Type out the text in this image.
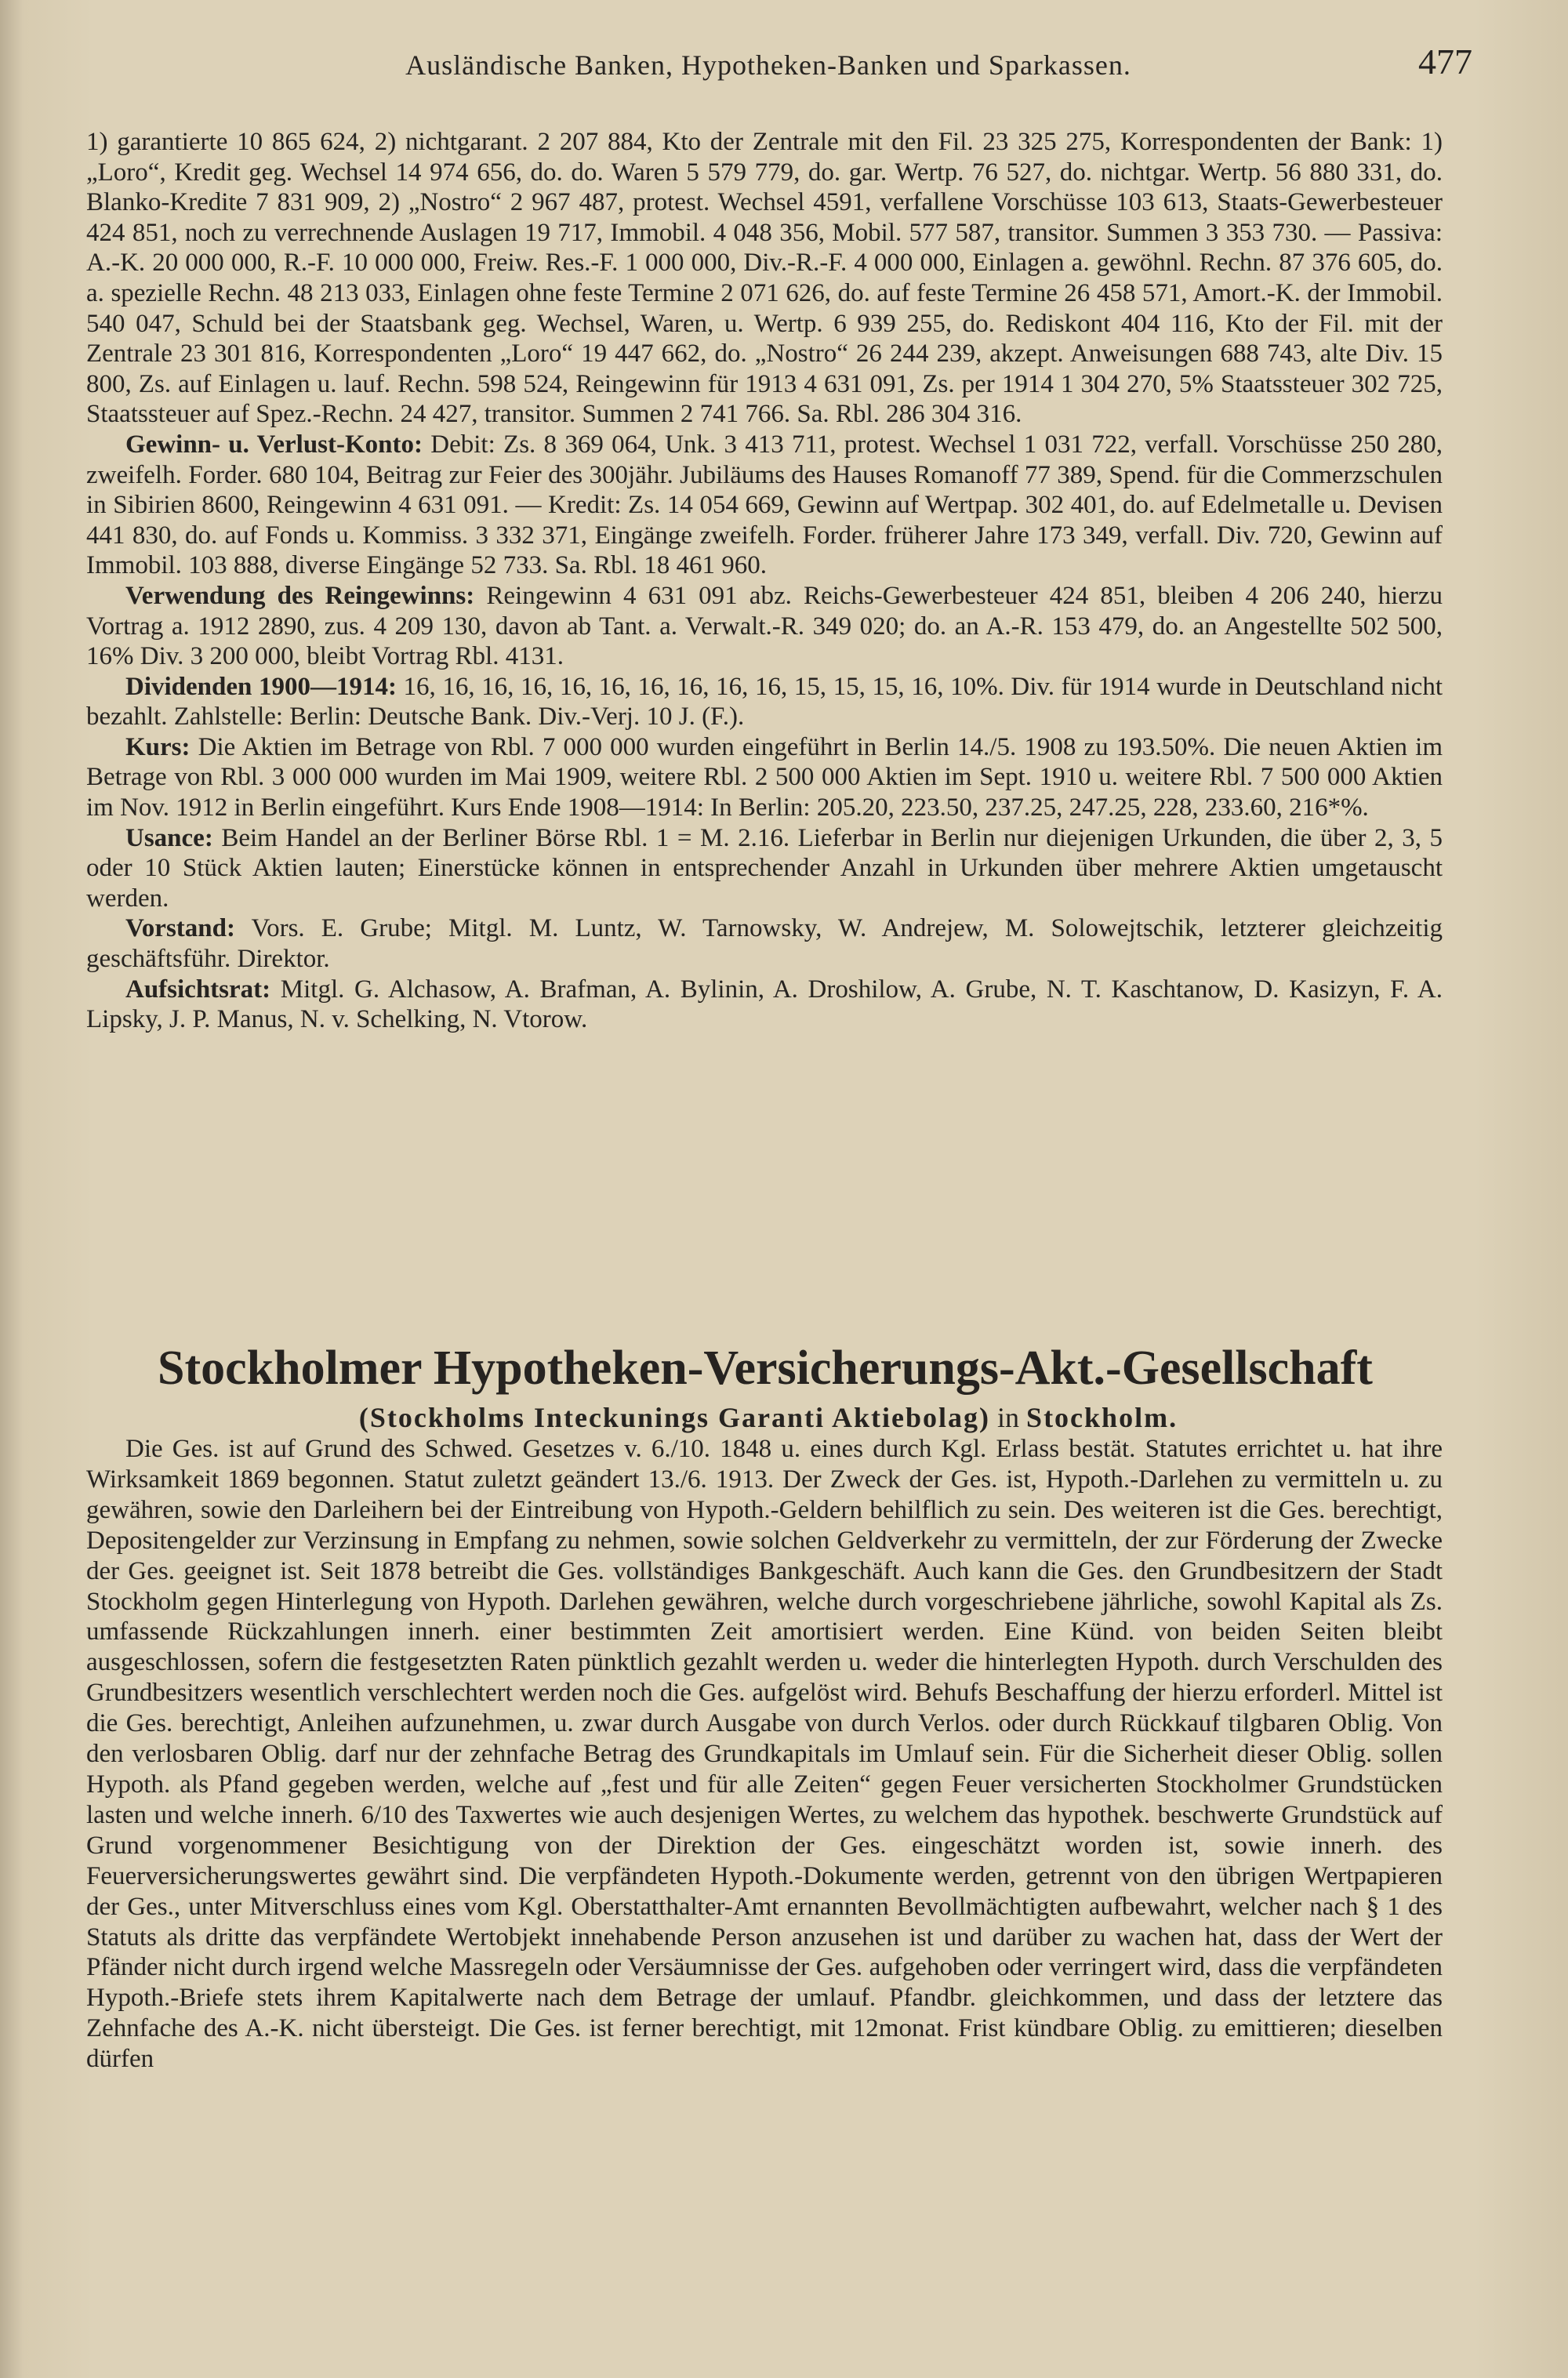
Ausländische Banken, Hypotheken-Banken und Sparkassen.	477

1) garantierte 10 865 624, 2) nichtgarant. 2 207 884, Kto der Zentrale mit den Fil. 23 325 275, Korrespondenten der Bank: 1) „Loro“, Kredit geg. Wechsel 14 974 656, do. do. Waren 5 579 779, do. gar. Wertp. 76 527, do. nichtgar. Wertp. 56 880 331, do. Blanko-Kredite 7 831 909, 2) „Nostro“ 2 967 487, protest. Wechsel 4591, verfallene Vorschüsse 103 613, Staats-Gewerbesteuer 424 851, noch zu verrechnende Auslagen 19 717, Immobil. 4 048 356, Mobil. 577 587, transitor. Summen 3 353 730. — Passiva: A.-K. 20 000 000, R.-F. 10 000 000, Freiw. Res.-F. 1 000 000, Div.-R.-F. 4 000 000, Einlagen a. gewöhnl. Rechn. 87 376 605, do. a. spezielle Rechn. 48 213 033, Einlagen ohne feste Termine 2 071 626, do. auf feste Termine 26 458 571, Amort.-K. der Immobil. 540 047, Schuld bei der Staatsbank geg. Wechsel, Waren, u. Wertp. 6 939 255, do. Rediskont 404 116, Kto der Fil. mit der Zentrale 23 301 816, Korrespondenten „Loro“ 19 447 662, do. „Nostro“ 26 244 239, akzept. Anweisungen 688 743, alte Div. 15 800, Zs. auf Einlagen u. lauf. Rechn. 598 524, Reingewinn für 1913 4 631 091, Zs. per 1914 1 304 270, 5% Staatssteuer 302 725, Staatssteuer auf Spez.-Rechn. 24 427, transitor. Summen 2 741 766. Sa. Rbl. 286 304 316.

Gewinn- u. Verlust-Konto: Debit: Zs. 8 369 064, Unk. 3 413 711, protest. Wechsel 1 031 722, verfall. Vorschüsse 250 280, zweifelh. Forder. 680 104, Beitrag zur Feier des 300jähr. Jubiläums des Hauses Romanoff 77 389, Spend. für die Commerzschulen in Sibirien 8600, Reingewinn 4 631 091. — Kredit: Zs. 14 054 669, Gewinn auf Wertpap. 302 401, do. auf Edelmetalle u. Devisen 441 830, do. auf Fonds u. Kommiss. 3 332 371, Eingänge zweifelh. Forder. früherer Jahre 173 349, verfall. Div. 720, Gewinn auf Immobil. 103 888, diverse Eingänge 52 733. Sa. Rbl. 18 461 960.

Verwendung des Reingewinns: Reingewinn 4 631 091 abz. Reichs-Gewerbesteuer 424 851, bleiben 4 206 240, hierzu Vortrag a. 1912 2890, zus. 4 209 130, davon ab Tant. a. Verwalt.-R. 349 020; do. an A.-R. 153 479, do. an Angestellte 502 500, 16% Div. 3 200 000, bleibt Vortrag Rbl. 4131.

Dividenden 1900—1914: 16, 16, 16, 16, 16, 16, 16, 16, 16, 16, 15, 15, 15, 16, 10%. Div. für 1914 wurde in Deutschland nicht bezahlt. Zahlstelle: Berlin: Deutsche Bank. Div.-Verj. 10 J. (F.).

Kurs: Die Aktien im Betrage von Rbl. 7 000 000 wurden eingeführt in Berlin 14./5. 1908 zu 193.50%. Die neuen Aktien im Betrage von Rbl. 3 000 000 wurden im Mai 1909, weitere Rbl. 2 500 000 Aktien im Sept. 1910 u. weitere Rbl. 7 500 000 Aktien im Nov. 1912 in Berlin eingeführt. Kurs Ende 1908—1914: In Berlin: 205.20, 223.50, 237.25, 247.25, 228, 233.60, 216*%.

Usance: Beim Handel an der Berliner Börse Rbl. 1 = M. 2.16. Lieferbar in Berlin nur diejenigen Urkunden, die über 2, 3, 5 oder 10 Stück Aktien lauten; Einerstücke können in entsprechender Anzahl in Urkunden über mehrere Aktien umgetauscht werden.

Vorstand: Vors. E. Grube; Mitgl. M. Luntz, W. Tarnowsky, W. Andrejew, M. Solowejtschik, letzterer gleichzeitig geschäftsführ. Direktor.

Aufsichtsrat: Mitgl. G. Alchasow, A. Brafman, A. Bylinin, A. Droshilow, A. Grube, N. T. Kaschtanow, D. Kasizyn, F. A. Lipsky, J. P. Manus, N. v. Schelking, N. Vtorow.

Stockholmer Hypotheken-Versicherungs-Akt.-Gesellschaft
(Stockholms Inteckunings Garanti Aktiebolag) in Stockholm.
Die Ges. ist auf Grund des Schwed. Gesetzes v. 6./10. 1848 u. eines durch Kgl. Erlass bestät. Statutes errichtet u. hat ihre Wirksamkeit 1869 begonnen. Statut zuletzt geändert 13./6. 1913. Der Zweck der Ges. ist, Hypoth.-Darlehen zu vermitteln u. zu gewähren, sowie den Darleihern bei der Eintreibung von Hypoth.-Geldern behilflich zu sein. Des weiteren ist die Ges. berechtigt, Depositengelder zur Verzinsung in Empfang zu nehmen, sowie solchen Geldverkehr zu vermitteln, der zur Förderung der Zwecke der Ges. geeignet ist. Seit 1878 betreibt die Ges. vollständiges Bankgeschäft. Auch kann die Ges. den Grundbesitzern der Stadt Stockholm gegen Hinterlegung von Hypoth. Darlehen gewähren, welche durch vorgeschriebene jährliche, sowohl Kapital als Zs. umfassende Rückzahlungen innerh. einer bestimmten Zeit amortisiert werden. Eine Künd. von beiden Seiten bleibt ausgeschlossen, sofern die festgesetzten Raten pünktlich gezahlt werden u. weder die hinterlegten Hypoth. durch Verschulden des Grundbesitzers wesentlich verschlechtert werden noch die Ges. aufgelöst wird. Behufs Beschaffung der hierzu erforderl. Mittel ist die Ges. berechtigt, Anleihen aufzunehmen, u. zwar durch Ausgabe von durch Verlos. oder durch Rückkauf tilgbaren Oblig. Von den verlosbaren Oblig. darf nur der zehnfache Betrag des Grundkapitals im Umlauf sein. Für die Sicherheit dieser Oblig. sollen Hypoth. als Pfand gegeben werden, welche auf „fest und für alle Zeiten“ gegen Feuer versicherten Stockholmer Grundstücken lasten und welche innerh. 6/10 des Taxwertes wie auch desjenigen Wertes, zu welchem das hypothek. beschwerte Grundstück auf Grund vorgenommener Besichtigung von der Direktion der Ges. eingeschätzt worden ist, sowie innerh. des Feuerversicherungswertes gewährt sind. Die verpfändeten Hypoth.-Dokumente werden, getrennt von den übrigen Wertpapieren der Ges., unter Mitverschluss eines vom Kgl. Oberstatthalter-Amt ernannten Bevollmächtigten aufbewahrt, welcher nach § 1 des Statuts als dritte das verpfändete Wertobjekt innehabende Person anzusehen ist und darüber zu wachen hat, dass der Wert der Pfänder nicht durch irgend welche Massregeln oder Versäumnisse der Ges. aufgehoben oder verringert wird, dass die verpfändeten Hypoth.-Briefe stets ihrem Kapitalwerte nach dem Betrage der umlauf. Pfandbr. gleichkommen, und dass der letztere das Zehnfache des A.-K. nicht übersteigt. Die Ges. ist ferner berechtigt, mit 12monat. Frist kündbare Oblig. zu emittieren; dieselben dürfen
